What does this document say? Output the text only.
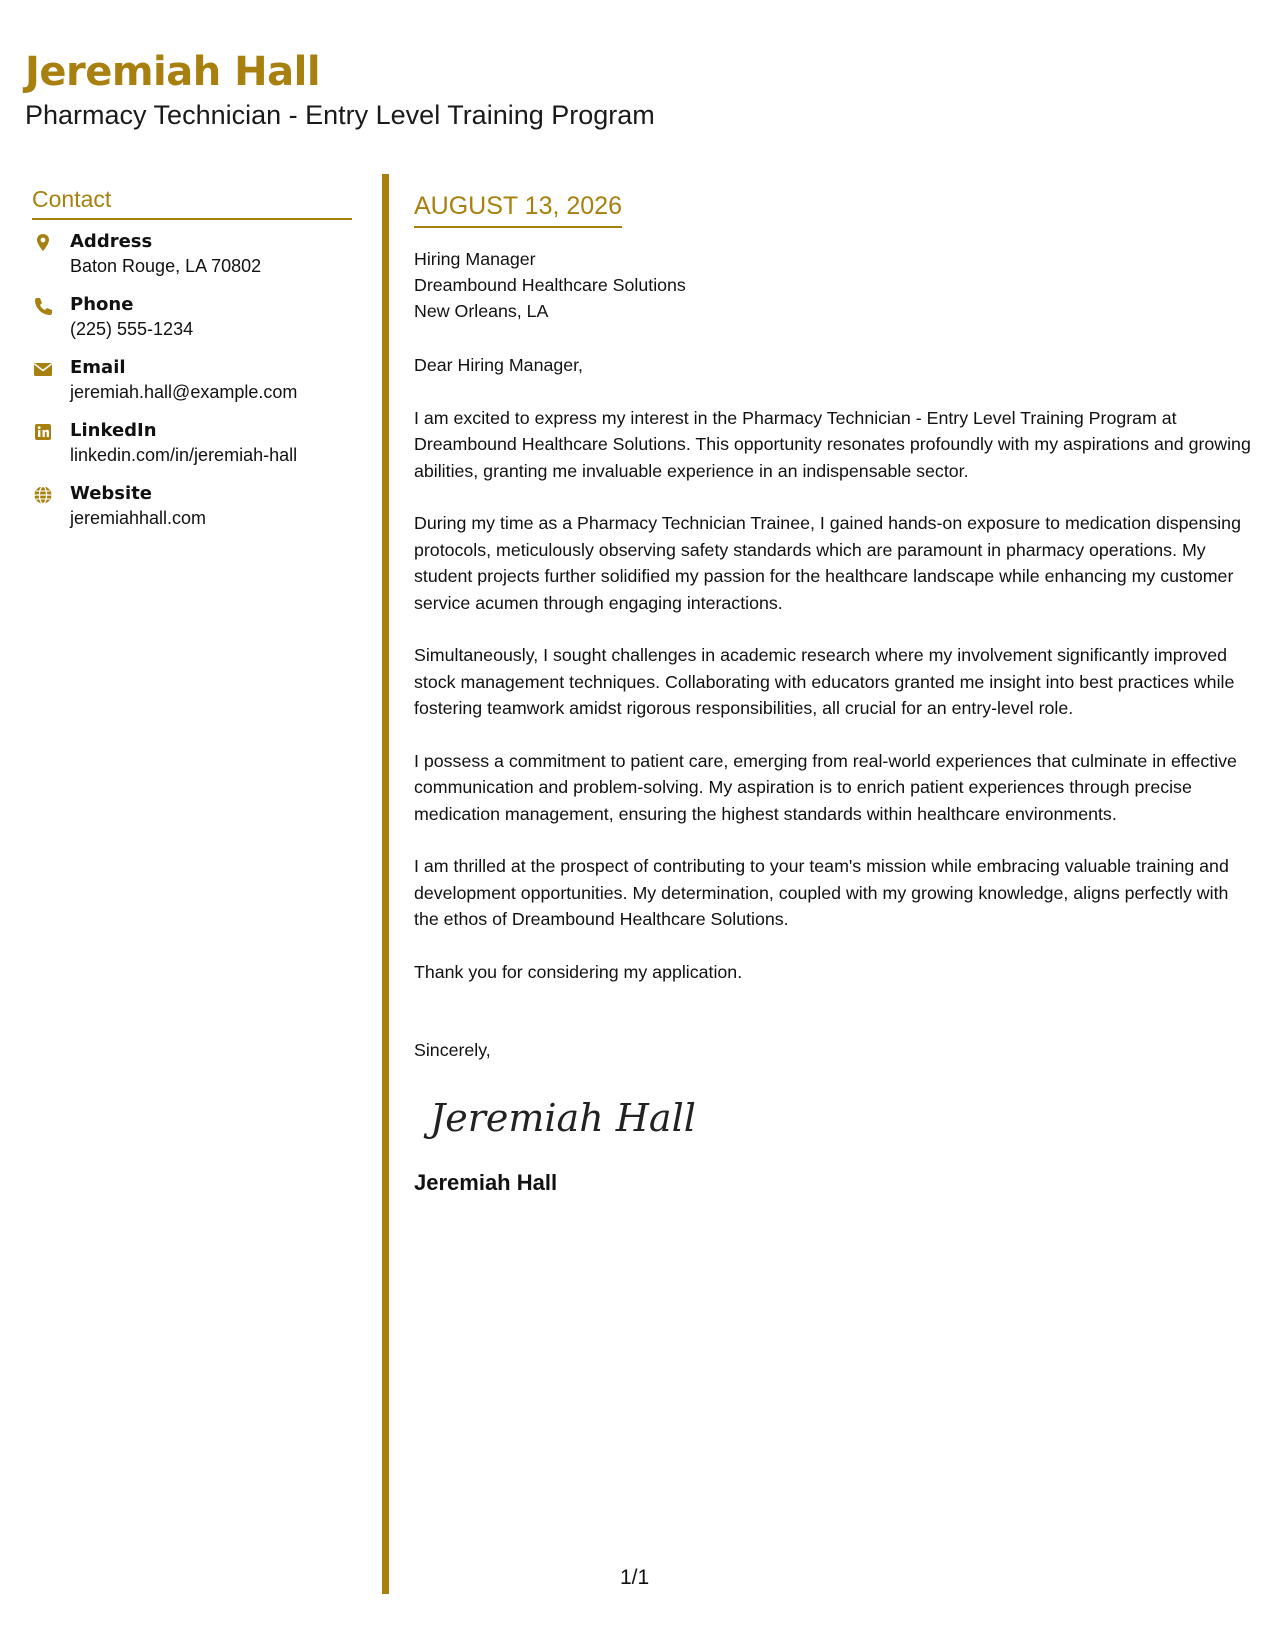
Jeremiah Hall
Pharmacy Technician - Entry Level Training Program
Contact
Address
Baton Rouge, LA 70802
Phone
(225) 555-1234
Email
jeremiah.hall@example.com
LinkedIn
linkedin.com/in/jeremiah-hall
Website
jeremiahhall.com
AUGUST 13, 2026
Hiring Manager
Dreambound Healthcare Solutions
New Orleans, LA
Dear Hiring Manager,
I am excited to express my interest in the Pharmacy Technician - Entry Level Training Program at Dreambound Healthcare Solutions. This opportunity resonates profoundly with my aspirations and growing abilities, granting me invaluable experience in an indispensable sector.
During my time as a Pharmacy Technician Trainee, I gained hands-on exposure to medication dispensing protocols, meticulously observing safety standards which are paramount in pharmacy operations. My student projects further solidified my passion for the healthcare landscape while enhancing my customer service acumen through engaging interactions.
Simultaneously, I sought challenges in academic research where my involvement significantly improved stock management techniques. Collaborating with educators granted me insight into best practices while fostering teamwork amidst rigorous responsibilities, all crucial for an entry-level role.
I possess a commitment to patient care, emerging from real-world experiences that culminate in effective communication and problem-solving. My aspiration is to enrich patient experiences through precise medication management, ensuring the highest standards within healthcare environments.
I am thrilled at the prospect of contributing to your team's mission while embracing valuable training and development opportunities. My determination, coupled with my growing knowledge, aligns perfectly with the ethos of Dreambound Healthcare Solutions.
Thank you for considering my application.
Sincerely,
Jeremiah Hall
Jeremiah Hall
1/1
